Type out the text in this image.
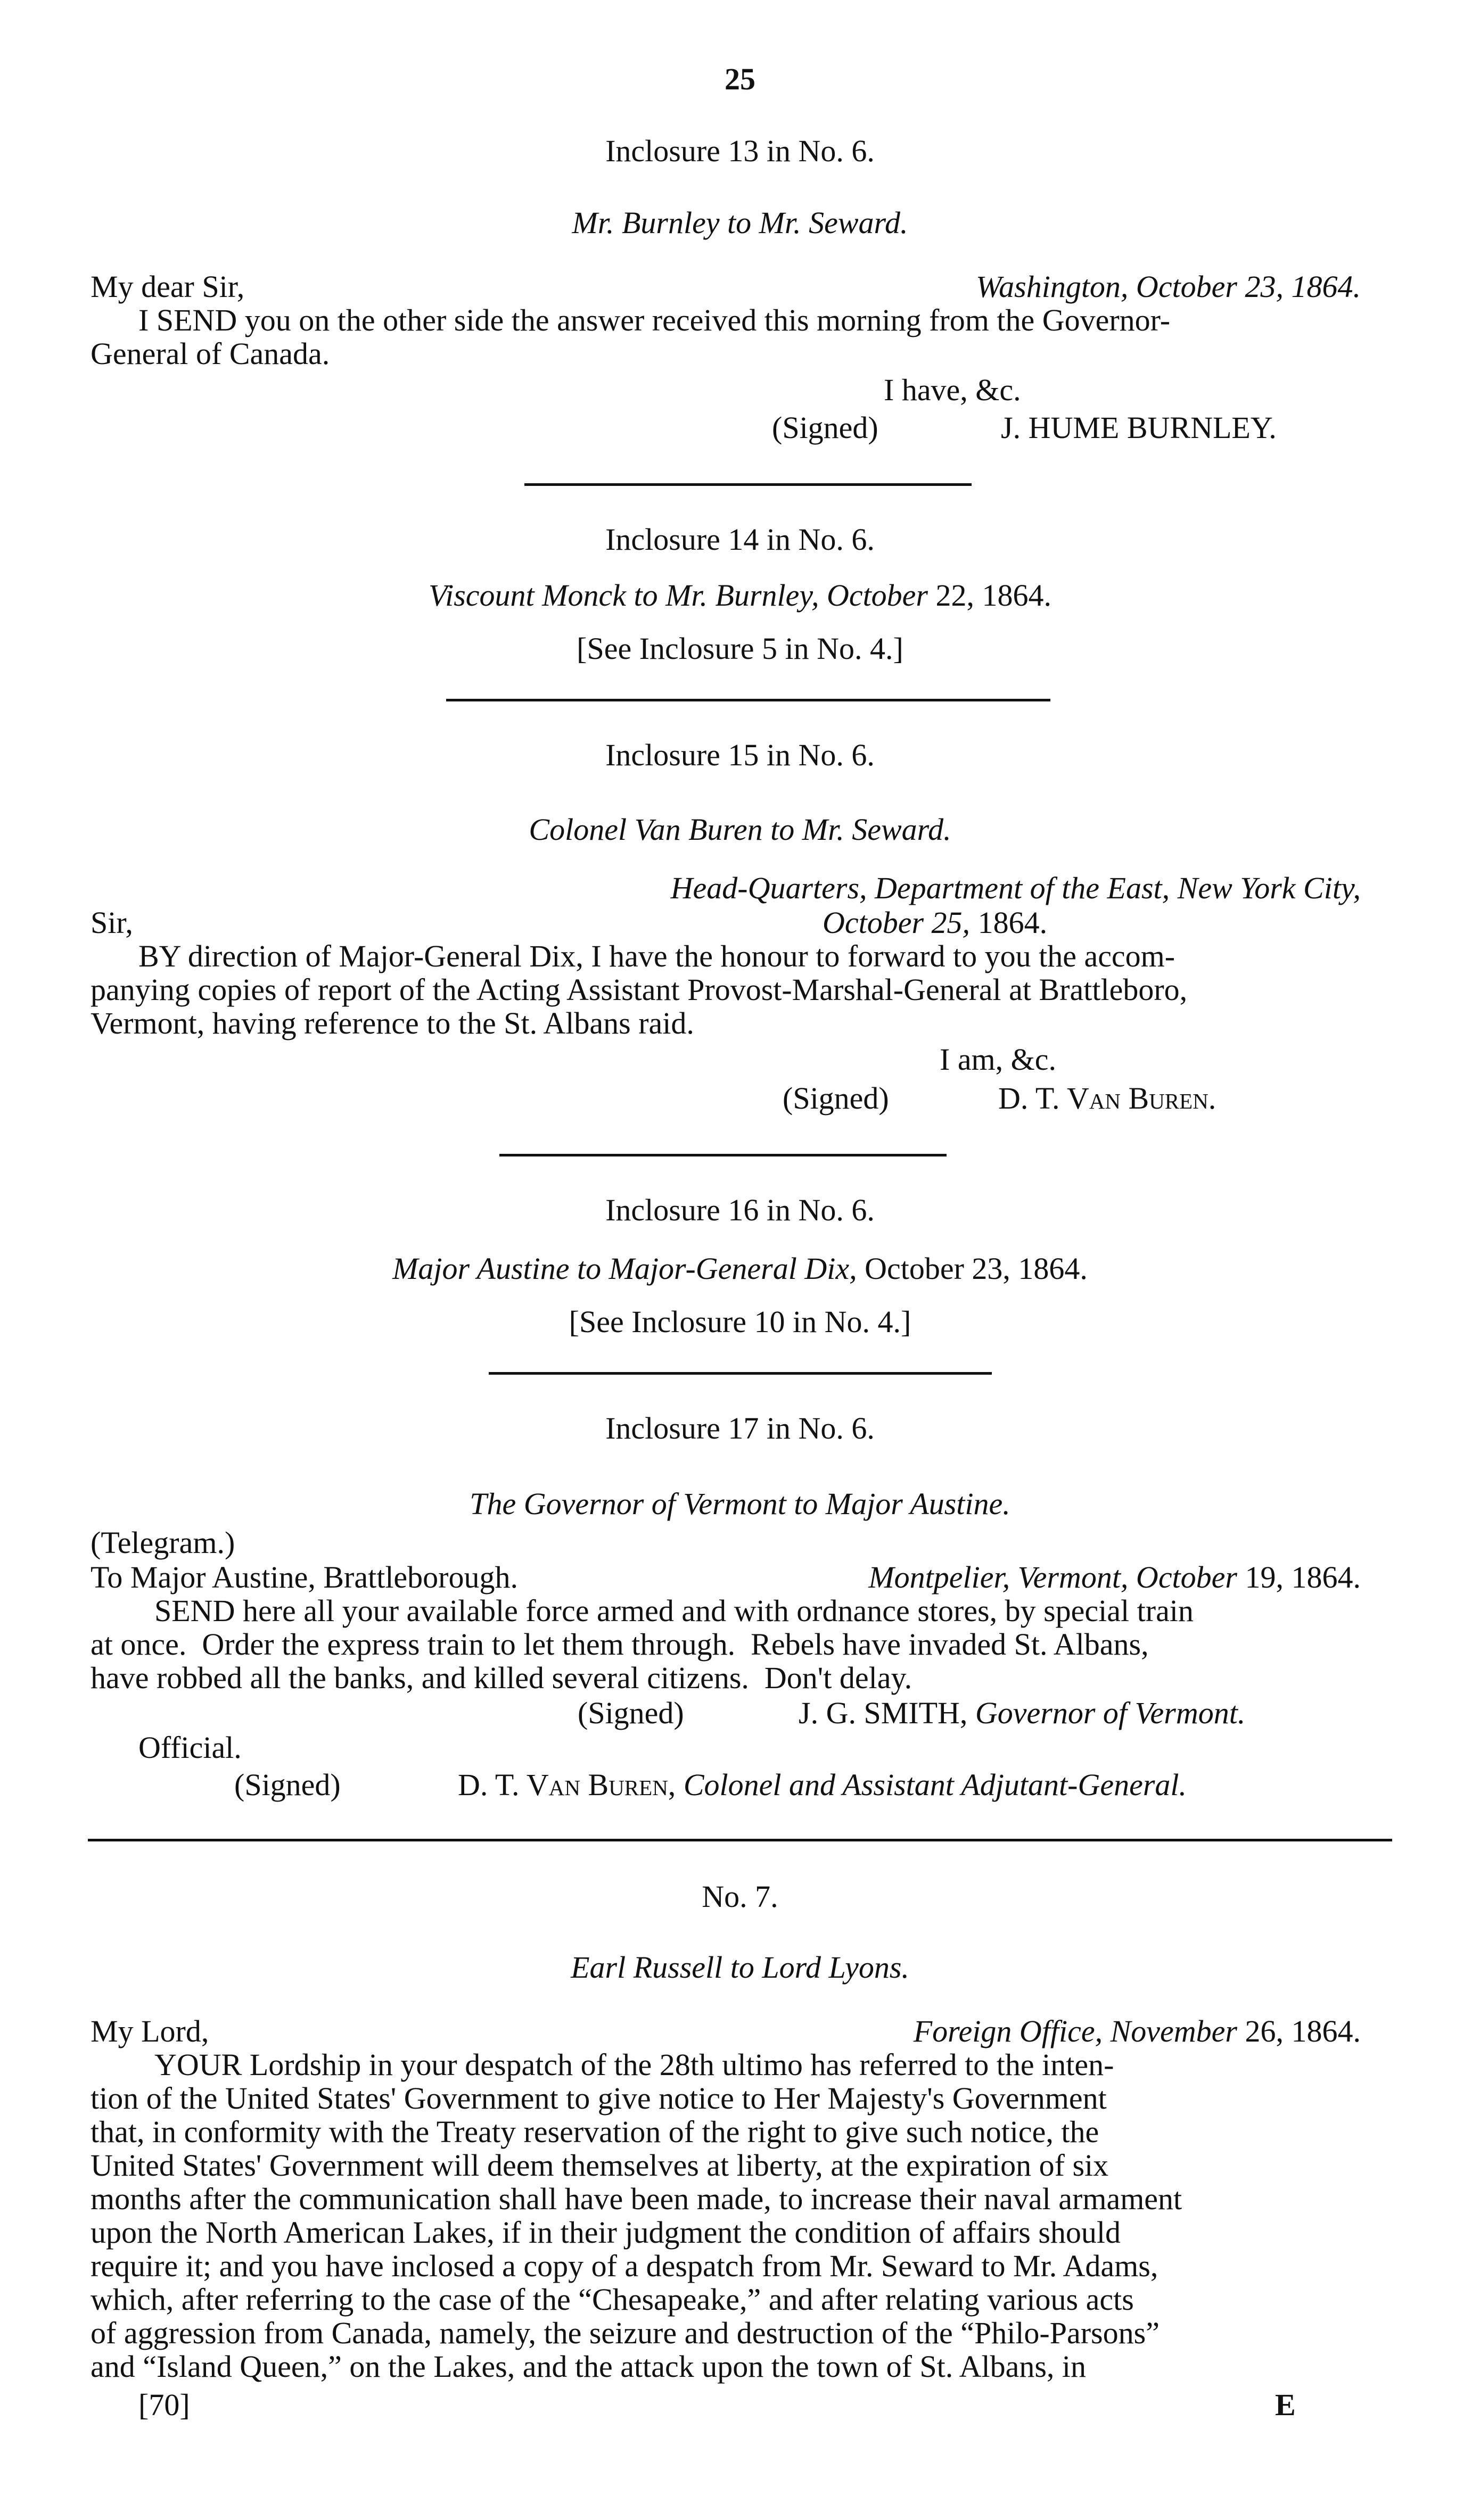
25
Inclosure 13 in No. 6.
Mr. Burnley to Mr. Seward.
My dear Sir,	Washington, October 23, 1864.
I SEND you on the other side the answer received this morning from the Governor-
General of Canada.
I have, &c.
(Signed)	J. HUME BURNLEY.
Inclosure 14 in No. 6.
Viscount Monck to Mr. Burnley, October 22, 1864.
[See Inclosure 5 in No. 4.]
Inclosure 15 in No. 6.
Colonel Van Buren to Mr. Seward.
Head-Quarters, Department of the East, New York City,
Sir,	October 25, 1864.
BY direction of Major-General Dix, I have the honour to forward to you the accom-
panying copies of report of the Acting Assistant Provost-Marshal-General at Brattleboro,
Vermont, having reference to the St. Albans raid.
I am, &c.
(Signed)	D. T. Van Buren.
Inclosure 16 in No. 6.
Major Austine to Major-General Dix, October 23, 1864.
[See Inclosure 10 in No. 4.]
Inclosure 17 in No. 6.
The Governor of Vermont to Major Austine.
(Telegram.)
To Major Austine, Brattleborough.	Montpelier, Vermont, October 19, 1864.
SEND here all your available force armed and with ordnance stores, by special train
at once.  Order the express train to let them through.  Rebels have invaded St. Albans,
have robbed all the banks, and killed several citizens.  Don't delay.
(Signed)	J. G. SMITH, Governor of Vermont.
Official.
(Signed)	D. T. Van Buren, Colonel and Assistant Adjutant-General.
No. 7.
Earl Russell to Lord Lyons.
My Lord,	Foreign Office, November 26, 1864.
YOUR Lordship in your despatch of the 28th ultimo has referred to the inten-
tion of the United States' Government to give notice to Her Majesty's Government
that, in conformity with the Treaty reservation of the right to give such notice, the
United States' Government will deem themselves at liberty, at the expiration of six
months after the communication shall have been made, to increase their naval armament
upon the North American Lakes, if in their judgment the condition of affairs should
require it; and you have inclosed a copy of a despatch from Mr. Seward to Mr. Adams,
which, after referring to the case of the “Chesapeake,” and after relating various acts
of aggression from Canada, namely, the seizure and destruction of the “Philo-Parsons”
and “Island Queen,” on the Lakes, and the attack upon the town of St. Albans, in
[70]	E
